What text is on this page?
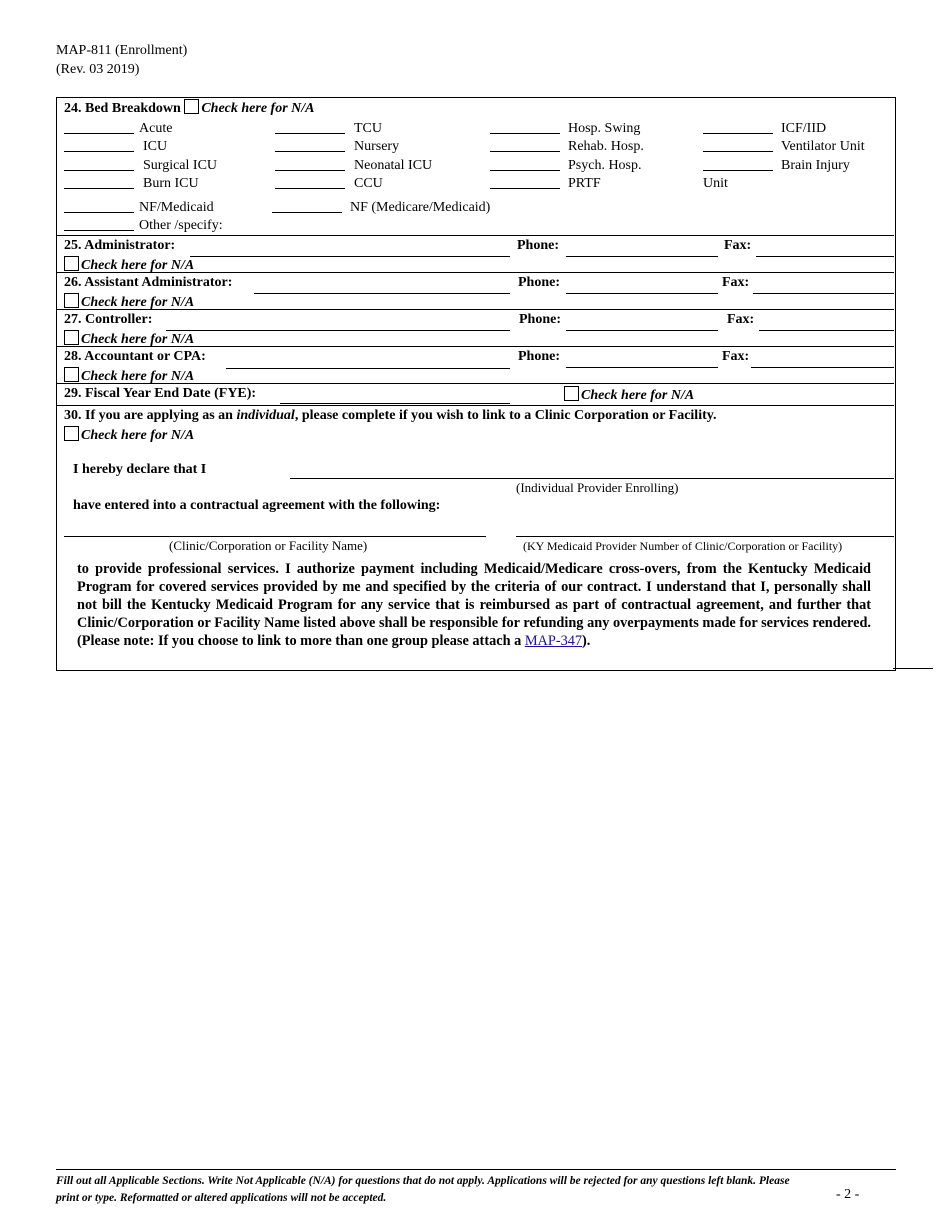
MAP-811 (Enrollment)
(Rev. 03 2019)
24. Bed Breakdown Check here for N/A
Acute	TCU	Hosp. Swing	ICF/IID
ICU	Nursery	Rehab. Hosp.	Ventilator Unit
Surgical ICU	Neonatal ICU	Psych. Hosp.	Brain Injury
Burn ICU	CCU	PRTF	Unit
NF/Medicaid	NF (Medicare/Medicaid)
Other /specify:
25. Administrator:	Phone:	Fax:
Check here for N/A
26. Assistant Administrator:	Phone:	Fax:
Check here for N/A
27. Controller:	Phone:	Fax:
Check here for N/A
28. Accountant or CPA:	Phone:	Fax:
Check here for N/A
29. Fiscal Year End Date (FYE):	Check here for N/A
30. If you are applying as an individual, please complete if you wish to link to a Clinic Corporation or Facility.
Check here for N/A
I hereby declare that I
(Individual Provider Enrolling)
have entered into a contractual agreement with the following:
(Clinic/Corporation or Facility Name)	(KY Medicaid Provider Number of Clinic/Corporation or Facility)
to provide professional services. I authorize payment including Medicaid/Medicare cross-overs, from the Kentucky Medicaid Program for covered services provided by me and specified by the criteria of our contract. I understand that I, personally shall not bill the Kentucky Medicaid Program for any service that is reimbursed as part of contractual agreement, and further that Clinic/Corporation or Facility Name listed above shall be responsible for refunding any overpayments made for services rendered. (Please note: If you choose to link to more than one group please attach a MAP-347).
Fill out all Applicable Sections. Write Not Applicable (N/A) for questions that do not apply. Applications will be rejected for any questions left blank. Please
print or type. Reformatted or altered applications will not be accepted.	- 2 -
